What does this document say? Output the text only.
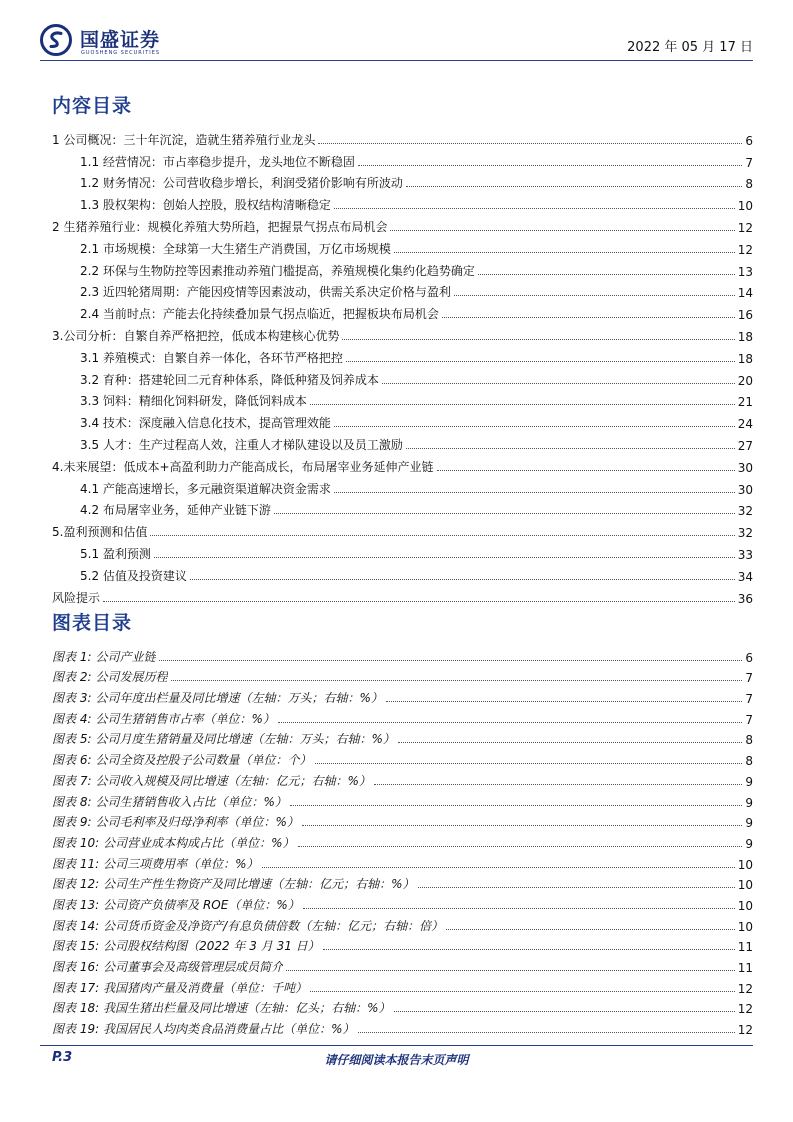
国盛证券
GUOSHENG SECURITIES	2022 年 05 月 17 日
内容目录
1 公司概况：三十年沉淀，造就生猪养殖行业龙头	6
1.1 经营情况：市占率稳步提升，龙头地位不断稳固	7
1.2 财务情况：公司营收稳步增长，利润受猪价影响有所波动	8
1.3 股权架构：创始人控股，股权结构清晰稳定	10
2 生猪养殖行业：规模化养殖大势所趋，把握景气拐点布局机会	12
2.1 市场规模：全球第一大生猪生产消费国，万亿市场规模	12
2.2 环保与生物防控等因素推动养殖门槛提高，养殖规模化集约化趋势确定	13
2.3 近四轮猪周期：产能因疫情等因素波动，供需关系决定价格与盈利	14
2.4 当前时点：产能去化持续叠加景气拐点临近，把握板块布局机会	16
3.公司分析：自繁自养严格把控，低成本构建核心优势	18
3.1 养殖模式：自繁自养一体化，各环节严格把控	18
3.2 育种：搭建轮回二元育种体系，降低种猪及饲养成本	20
3.3 饲料：精细化饲料研发，降低饲料成本	21
3.4 技术：深度融入信息化技术，提高管理效能	24
3.5 人才：生产过程高人效，注重人才梯队建设以及员工激励	27
4.未来展望：低成本+高盈利助力产能高成长，布局屠宰业务延伸产业链	30
4.1 产能高速增长，多元融资渠道解决资金需求	30
4.2 布局屠宰业务，延伸产业链下游	32
5.盈利预测和估值	32
5.1 盈利预测	33
5.2 估值及投资建议	34
风险提示	36
图表目录
图表 1: 公司产业链	6
图表 2: 公司发展历程	7
图表 3: 公司年度出栏量及同比增速（左轴：万头；右轴：%）	7
图表 4: 公司生猪销售市占率（单位：%）	7
图表 5: 公司月度生猪销量及同比增速（左轴：万头；右轴：%）	8
图表 6: 公司全资及控股子公司数量（单位：个）	8
图表 7: 公司收入规模及同比增速（左轴：亿元；右轴：%）	9
图表 8: 公司生猪销售收入占比（单位：%）	9
图表 9: 公司毛利率及归母净利率（单位：%）	9
图表 10: 公司营业成本构成占比（单位：%）	9
图表 11: 公司三项费用率（单位：%）	10
图表 12: 公司生产性生物资产及同比增速（左轴：亿元；右轴：%）	10
图表 13: 公司资产负债率及 ROE（单位：%）	10
图表 14: 公司货币资金及净资产/有息负债倍数（左轴：亿元；右轴：倍）	10
图表 15: 公司股权结构图（2022 年 3 月 31 日）	11
图表 16: 公司董事会及高级管理层成员简介	11
图表 17: 我国猪肉产量及消费量（单位：千吨）	12
图表 18: 我国生猪出栏量及同比增速（左轴：亿头；右轴：%）	12
图表 19: 我国居民人均肉类食品消费量占比（单位：%）	12
P.3	请仔细阅读本报告末页声明
